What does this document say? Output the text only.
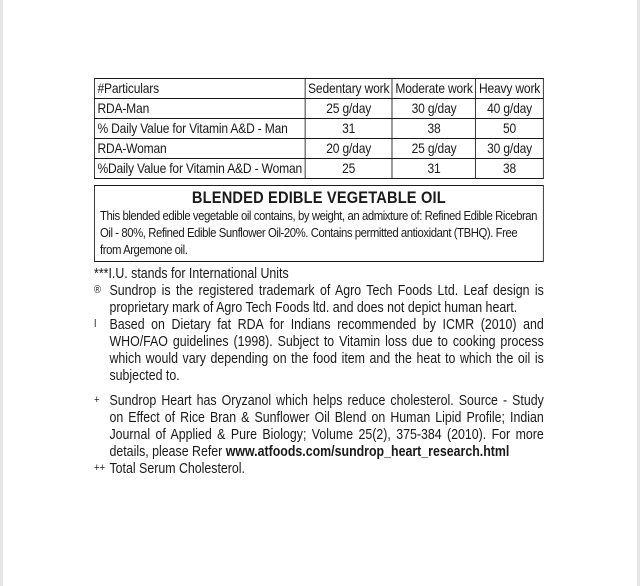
#Particulars	Sedentary work	Moderate work	Heavy work
RDA-Man	25 g/day	30 g/day	40 g/day
% Daily Value for Vitamin A&D - Man	31	38	50
RDA-Woman	20 g/day	25 g/day	30 g/day
%Daily Value for Vitamin A&D - Woman	25	31	38
BLENDED EDIBLE VEGETABLE OIL
This blended edible vegetable oil contains, by weight, an admixture of: Refined Edible Ricebran Oil - 80%, Refined Edible Sunflower Oil-20%. Contains permitted antioxidant (TBHQ). Free from Argemone oil.
***I.U. stands for International Units
® Sundrop is the registered trademark of Agro Tech Foods Ltd. Leaf design is proprietary mark of Agro Tech Foods ltd. and does not depict human heart.
ǀ Based on Dietary fat RDA for Indians recommended by ICMR (2010) and WHO/FAO guidelines (1998). Subject to Vitamin loss due to cooking process which would vary depending on the food item and the heat to which the oil is subjected to.
+ Sundrop Heart has Oryzanol which helps reduce cholesterol. Source - Study on Effect of Rice Bran & Sunflower Oil Blend on Human Lipid Profile; Indian Journal of Applied & Pure Biology; Volume 25(2), 375-384 (2010). For more details, please Refer www.atfoods.com/sundrop_heart_research.html
++ Total Serum Cholesterol.
